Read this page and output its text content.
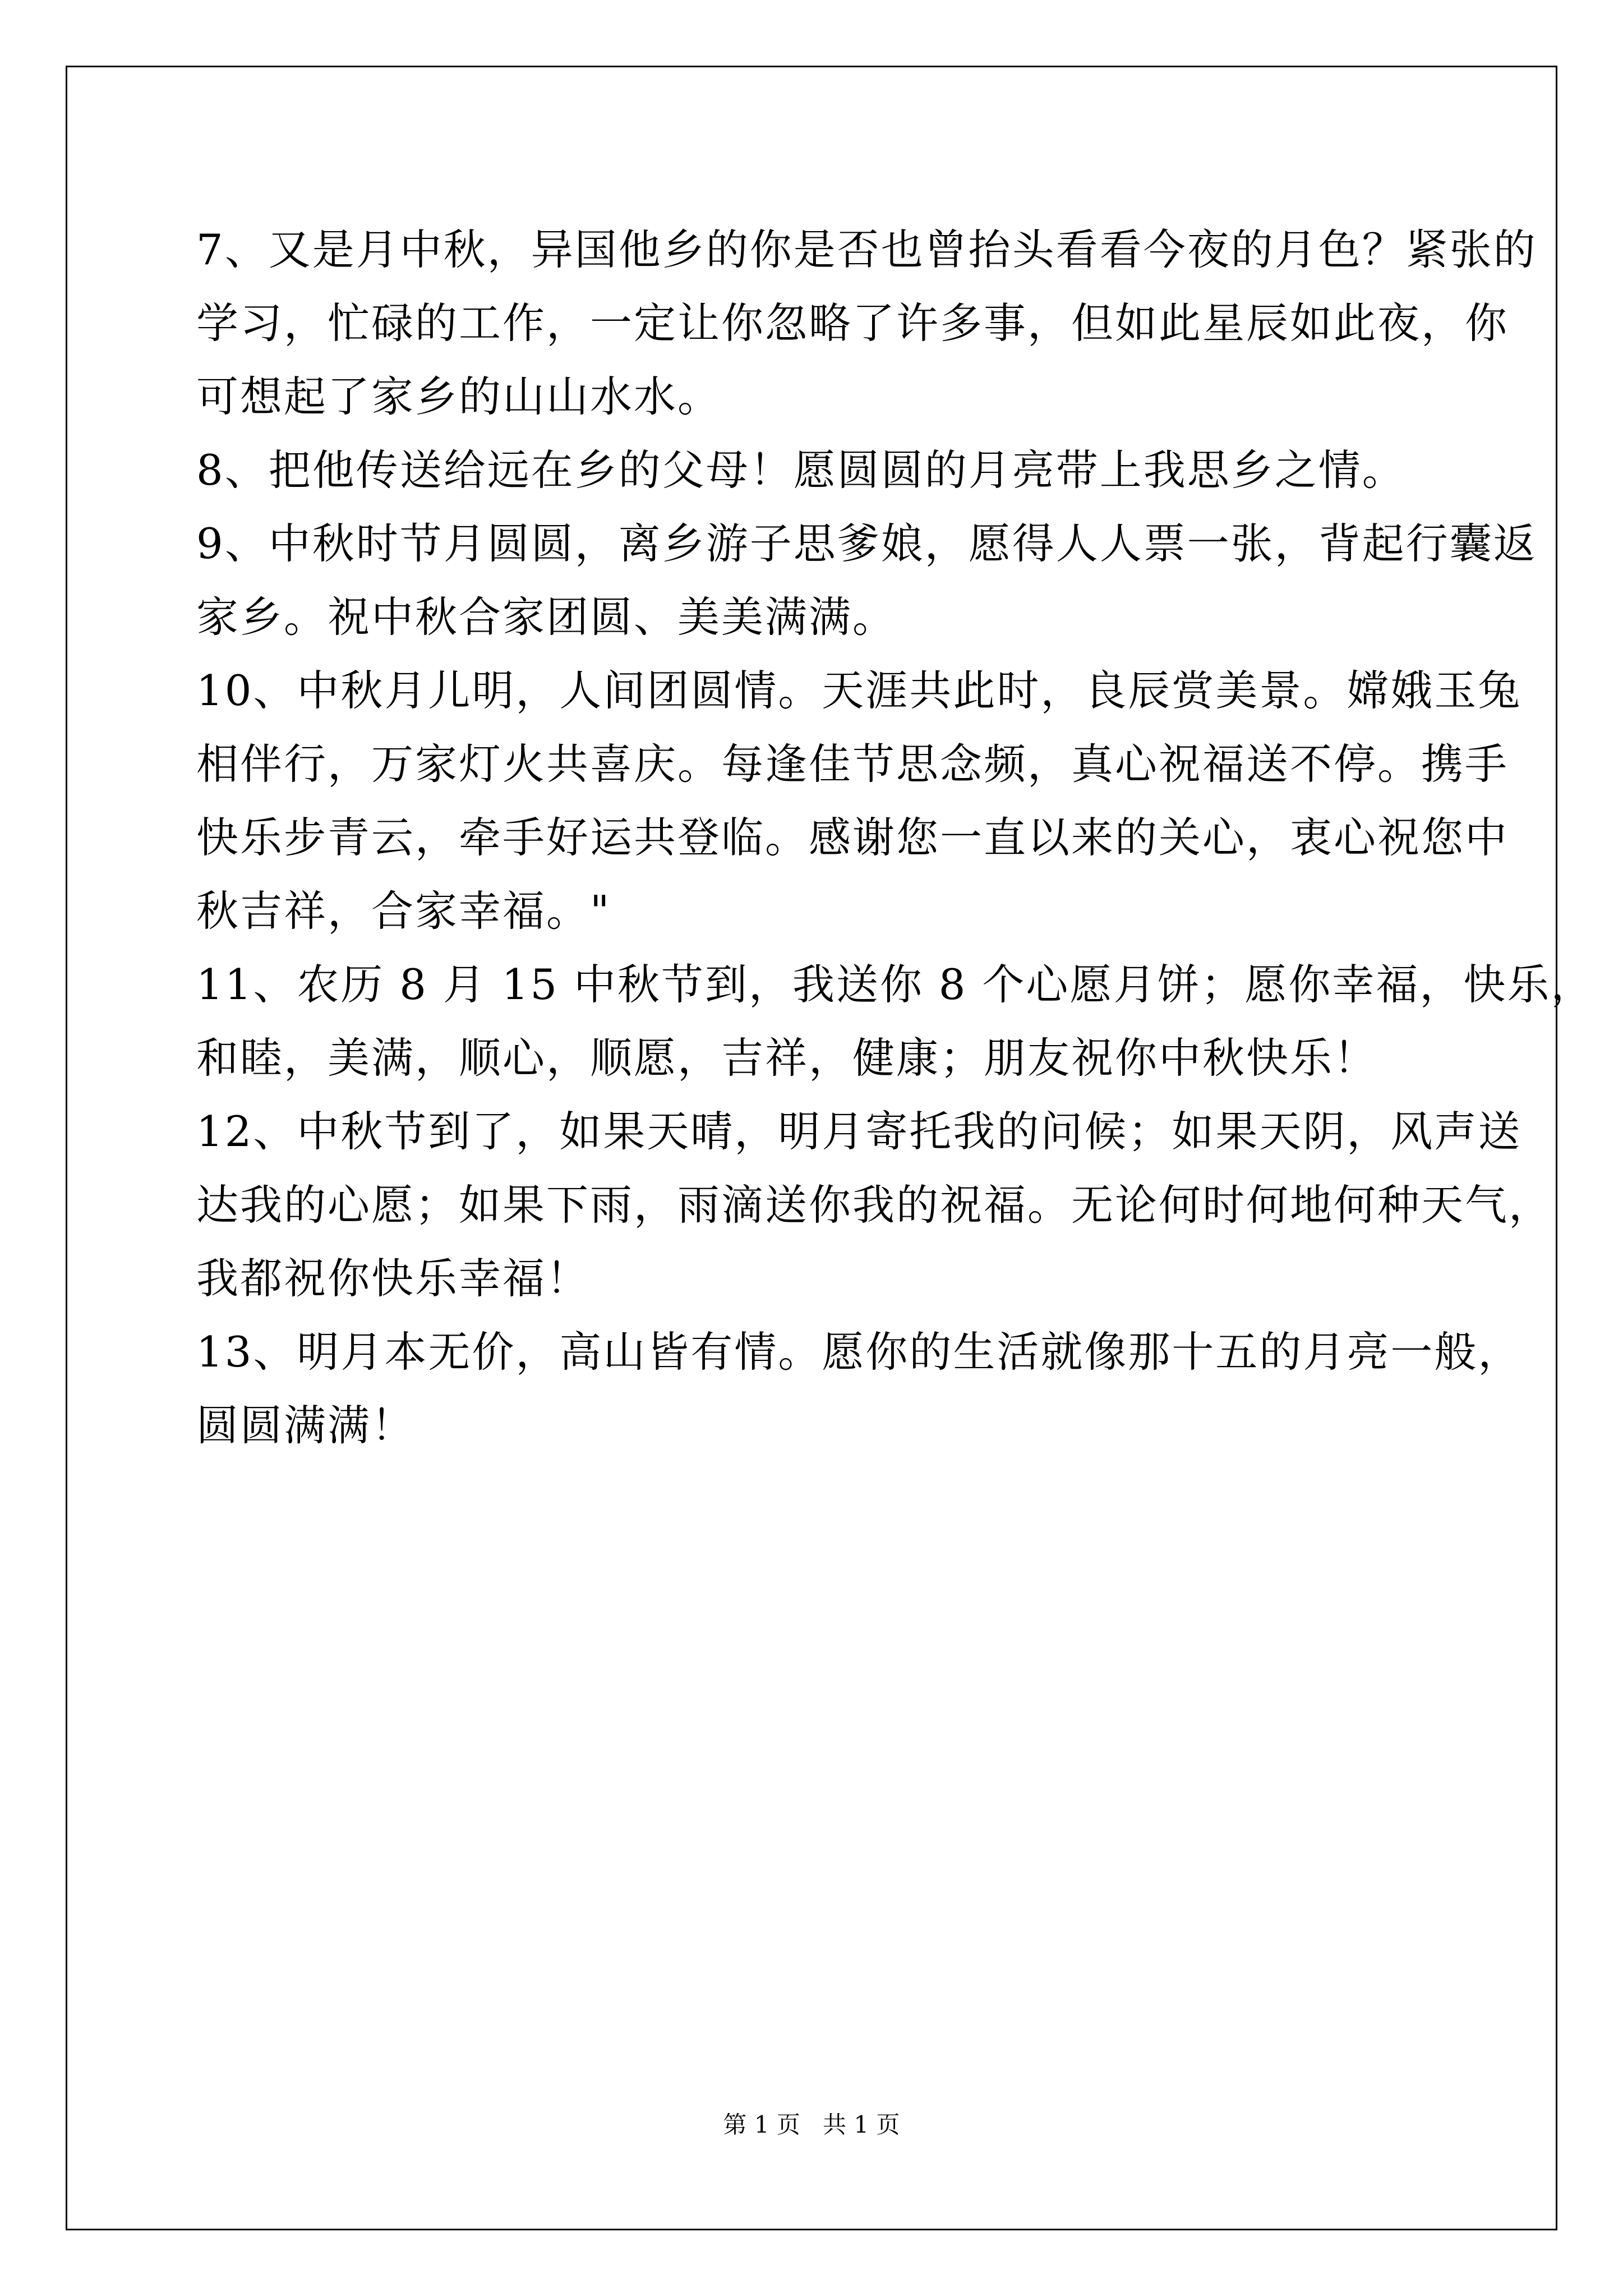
7、又是月中秋，异国他乡的你是否也曾抬头看看今夜的月色？紧张的
学习，忙碌的工作，一定让你忽略了许多事，但如此星辰如此夜，你
可想起了家乡的山山水水。
8、把他传送给远在乡的父母！愿圆圆的月亮带上我思乡之情。
9、中秋时节月圆圆，离乡游子思爹娘，愿得人人票一张，背起行囊返
家乡。祝中秋合家团圆、美美满满。
10、中秋月儿明，人间团圆情。天涯共此时，良辰赏美景。嫦娥玉兔
相伴行，万家灯火共喜庆。每逢佳节思念频，真心祝福送不停。携手
快乐步青云，牵手好运共登临。感谢您一直以来的关心，衷心祝您中
秋吉祥，合家幸福。"
11、农历 8 月 15 中秋节到，我送你 8 个心愿月饼；愿你幸福，快乐，
和睦，美满，顺心，顺愿，吉祥，健康；朋友祝你中秋快乐！
12、中秋节到了，如果天晴，明月寄托我的问候；如果天阴，风声送
达我的心愿；如果下雨，雨滴送你我的祝福。无论何时何地何种天气，
我都祝你快乐幸福！
13、明月本无价，高山皆有情。愿你的生活就像那十五的月亮一般，
圆圆满满！
第 1 页   共 1 页
